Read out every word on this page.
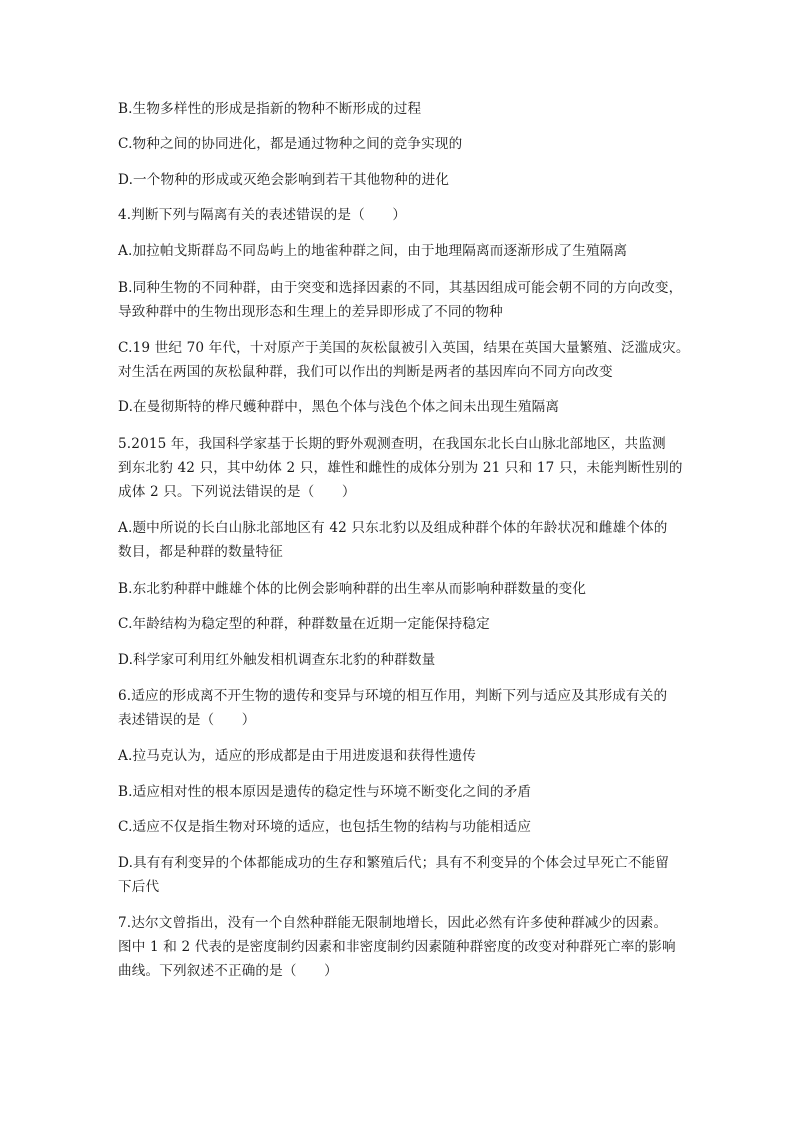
B.生物多样性的形成是指新的物种不断形成的过程
C.物种之间的协同进化，都是通过物种之间的竞争实现的
D.一个物种的形成或灭绝会影响到若干其他物种的进化
4.判断下列与隔离有关的表述错误的是（　　）
A.加拉帕戈斯群岛不同岛屿上的地雀种群之间，由于地理隔离而逐渐形成了生殖隔离
B.同种生物的不同种群，由于突变和选择因素的不同，其基因组成可能会朝不同的方向改变，
导致种群中的生物出现形态和生理上的差异即形成了不同的物种
C.19 世纪 70 年代，十对原产于美国的灰松鼠被引入英国，结果在英国大量繁殖、泛滥成灾。
对生活在两国的灰松鼠种群，我们可以作出的判断是两者的基因库向不同方向改变
D.在曼彻斯特的桦尺蠖种群中，黑色个体与浅色个体之间未出现生殖隔离
5.2015 年，我国科学家基于长期的野外观测查明，在我国东北长白山脉北部地区，共监测
到东北豹 42 只，其中幼体 2 只，雄性和雌性的成体分别为 21 只和 17 只，未能判断性别的
成体 2 只。下列说法错误的是（　　）
A.题中所说的长白山脉北部地区有 42 只东北豹以及组成种群个体的年龄状况和雌雄个体的
数目，都是种群的数量特征
B.东北豹种群中雌雄个体的比例会影响种群的出生率从而影响种群数量的变化
C.年龄结构为稳定型的种群，种群数量在近期一定能保持稳定
D.科学家可利用红外触发相机调查东北豹的种群数量
6.适应的形成离不开生物的遗传和变异与环境的相互作用，判断下列与适应及其形成有关的
表述错误的是（　　）
A.拉马克认为，适应的形成都是由于用进废退和获得性遗传
B.适应相对性的根本原因是遗传的稳定性与环境不断变化之间的矛盾
C.适应不仅是指生物对环境的适应，也包括生物的结构与功能相适应
D.具有有利变异的个体都能成功的生存和繁殖后代；具有不利变异的个体会过早死亡不能留
下后代
7.达尔文曾指出，没有一个自然种群能无限制地增长，因此必然有许多使种群减少的因素。
图中 1 和 2 代表的是密度制约因素和非密度制约因素随种群密度的改变对种群死亡率的影响
曲线。下列叙述不正确的是（　　）
